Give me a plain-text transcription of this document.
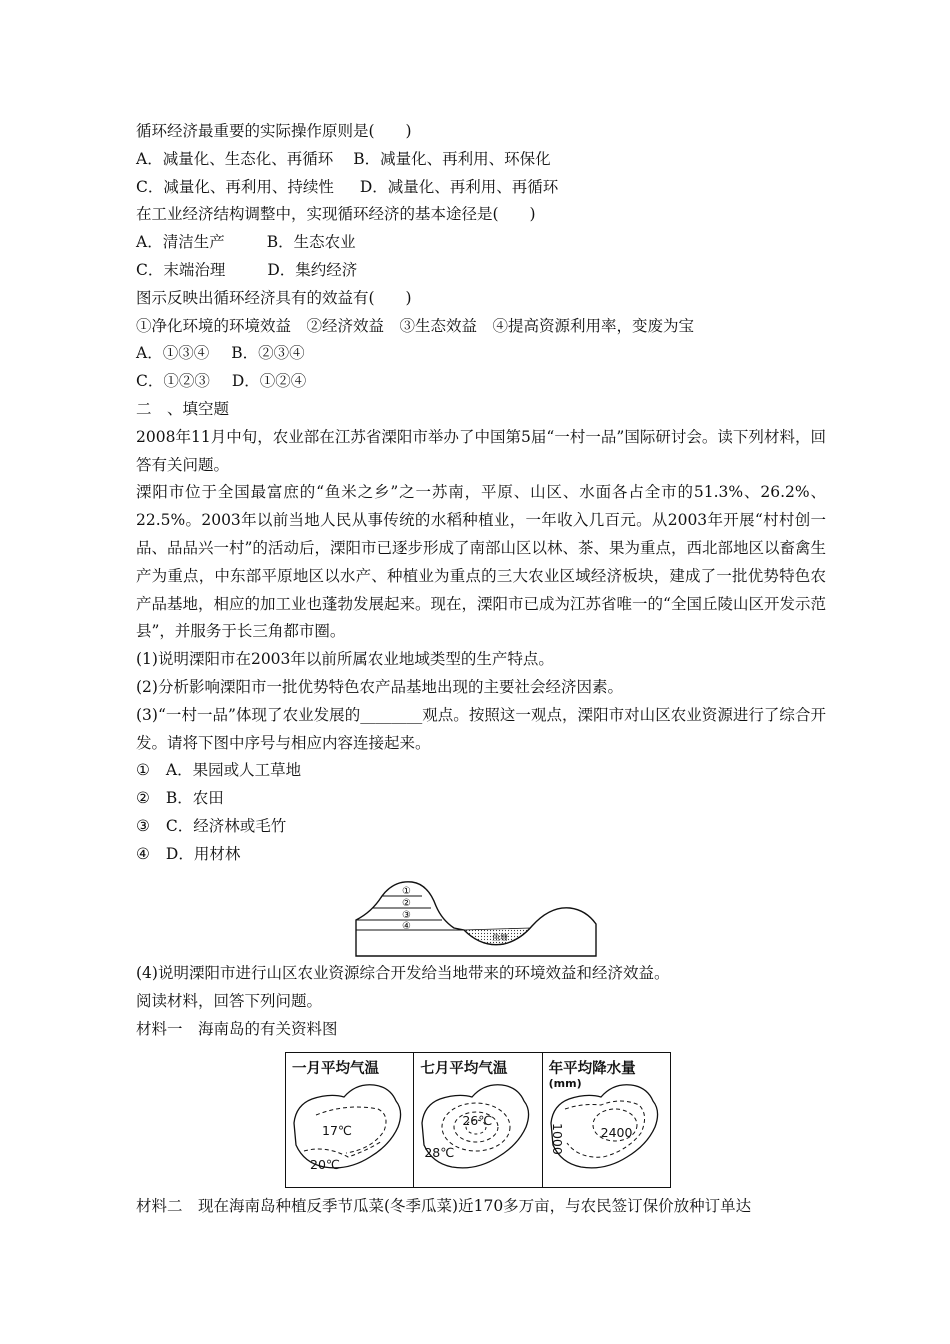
循环经济最重要的实际操作原则是(　　)

A．减量化、生态化、再循环 B．减量化、再利用、环保化

C．减量化、再利用、持续性 D．减量化、再利用、再循环

在工业经济结构调整中，实现循环经济的基本途径是(　　)

A．清洁生产	B．生态农业

C．末端治理	D．集约经济

图示反映出循环经济具有的效益有(　　)

①净化环境的环境效益　②经济效益　③生态效益　④提高资源利用率，变废为宝

A．①③④ B．②③④

C．①②③ D．①②④

二　、填空题

2008年11月中旬，农业部在江苏省溧阳市举办了中国第5届“一村一品”国际研讨会。读下列材料，回答有关问题。

溧阳市位于全国最富庶的“鱼米之乡”之一苏南，平原、山区、水面各占全市的51.3%、26.2%、22.5%。2003年以前当地人民从事传统的水稻种植业，一年收入几百元。从2003年开展“村村创一品、品品兴一村”的活动后，溧阳市已逐步形成了南部山区以林、茶、果为重点，西北部地区以畜禽生产为重点，中东部平原地区以水产、种植业为重点的三大农业区域经济板块，建成了一批优势特色农产品基地，相应的加工业也蓬勃发展起来。现在，溧阳市已成为江苏省唯一的“全国丘陵山区开发示范县”，并服务于长三角都市圈。

(1)说明溧阳市在2003年以前所属农业地域类型的生产特点。

(2)分析影响溧阳市一批优势特色农产品基地出现的主要社会经济因素。

(3)“一村一品”体现了农业发展的________观点。按照这一观点，溧阳市对山区农业资源进行了综合开发。请将下图中序号与相应内容连接起来。

① A．果园或人工草地

② B．农田

③ C．经济林或毛竹

④ D．用材林

①
②
③
④
鱼塘

(4)说明溧阳市进行山区农业资源综合开发给当地带来的环境效益和经济效益。

阅读材料，回答下列问题。

材料一　海南岛的有关资料图

一月平均气温
17℃
20℃
七月平均气温
26℃
28℃
年平均降水量
(mm)
1000	2400

材料二　现在海南岛种植反季节瓜菜(冬季瓜菜)近170多万亩，与农民签订保价放种订单达
